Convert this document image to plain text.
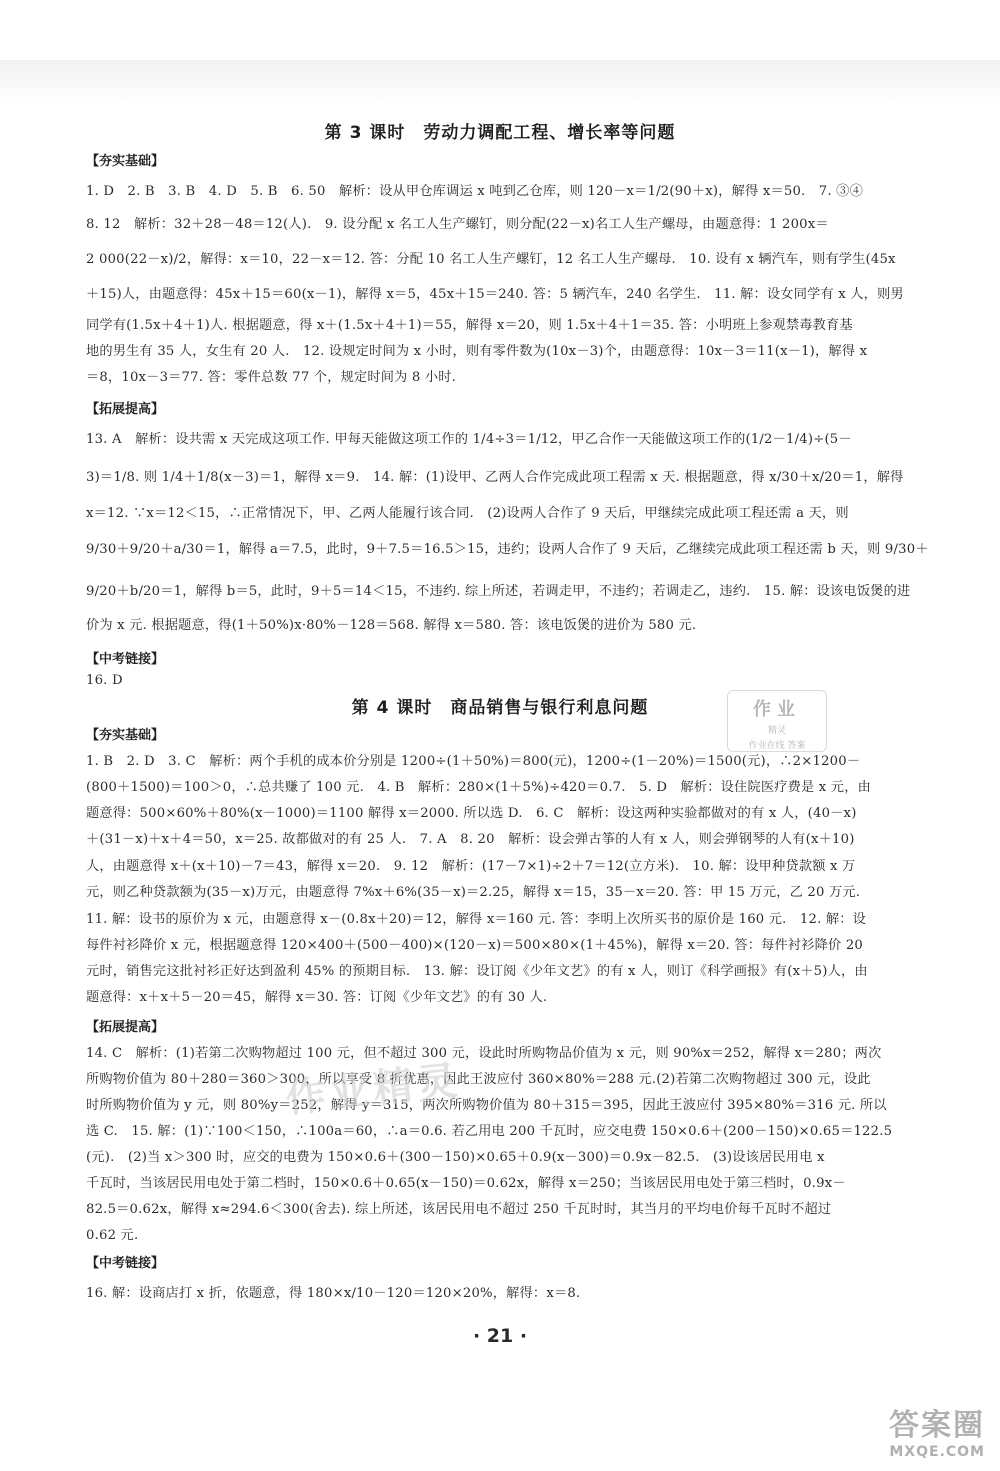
第 3 课时　劳动力调配工程、增长率等问题
【夯实基础】
1. D　2. B　3. B　4. D　5. B　6. 50　解析：设从甲仓库调运 x 吨到乙仓库，则 120－x＝1/2(90＋x)，解得 x＝50.　7. ③④
8. 12　解析：32＋28－48＝12(人).　9. 设分配 x 名工人生产螺钉，则分配(22－x)名工人生产螺母，由题意得：1 200x＝
2 000(22－x)/2，解得：x＝10，22－x＝12. 答：分配 10 名工人生产螺钉，12 名工人生产螺母.　10. 设有 x 辆汽车，则有学生(45x
＋15)人，由题意得：45x＋15＝60(x－1)，解得 x＝5，45x＋15＝240. 答：5 辆汽车，240 名学生.　11. 解：设女同学有 x 人，则男
同学有(1.5x＋4＋1)人. 根据题意，得 x＋(1.5x＋4＋1)＝55，解得 x＝20，则 1.5x＋4＋1＝35. 答：小明班上参观禁毒教育基
地的男生有 35 人，女生有 20 人.　12. 设规定时间为 x 小时，则有零件数为(10x－3)个，由题意得：10x－3＝11(x－1)，解得 x
＝8，10x－3＝77. 答：零件总数 77 个，规定时间为 8 小时.
【拓展提高】
13. A　解析：设共需 x 天完成这项工作. 甲每天能做这项工作的 1/4÷3＝1/12，甲乙合作一天能做这项工作的(1/2－1/4)÷(5－
3)＝1/8. 则 1/4＋1/8(x－3)＝1，解得 x＝9.　14. 解：(1)设甲、乙两人合作完成此项工程需 x 天. 根据题意，得 x/30＋x/20＝1，解得
x＝12. ∵x＝12＜15，∴正常情况下，甲、乙两人能履行该合同.　(2)设两人合作了 9 天后，甲继续完成此项工程还需 a 天，则
9/30＋9/20＋a/30＝1，解得 a＝7.5，此时，9＋7.5＝16.5＞15，违约；设两人合作了 9 天后，乙继续完成此项工程还需 b 天，则 9/30＋
9/20＋b/20＝1，解得 b＝5，此时，9＋5＝14＜15，不违约. 综上所述，若调走甲，不违约；若调走乙，违约.　15. 解：设该电饭煲的进
价为 x 元. 根据题意，得(1＋50%)x·80%－128＝568. 解得 x＝580. 答：该电饭煲的进价为 580 元.
【中考链接】
16. D
第 4 课时　商品销售与银行利息问题
【夯实基础】
1. B　2. D　3. C　解析：两个手机的成本价分别是 1200÷(1＋50%)＝800(元)，1200÷(1－20%)＝1500(元)，∴2×1200－
(800＋1500)＝100＞0，∴总共赚了 100 元.　4. B　解析：280×(1＋5%)÷420＝0.7.　5. D　解析：设住院医疗费是 x 元，由
题意得：500×60%＋80%(x－1000)＝1100 解得 x＝2000. 所以选 D.　6. C　解析：设这两种实验都做对的有 x 人，(40－x)
＋(31－x)＋x＋4＝50，x＝25. 故都做对的有 25 人.　7. A　8. 20　解析：设会弹古筝的人有 x 人，则会弹钢琴的人有(x＋10)
人，由题意得 x＋(x＋10)－7＝43，解得 x＝20.　9. 12　解析：(17－7×1)÷2＋7＝12(立方米).　10. 解：设甲种贷款额 x 万
元，则乙种贷款额为(35－x)万元，由题意得 7%x＋6%(35－x)＝2.25，解得 x＝15，35－x＝20. 答：甲 15 万元，乙 20 万元.
11. 解：设书的原价为 x 元，由题意得 x－(0.8x＋20)＝12，解得 x＝160 元. 答：李明上次所买书的原价是 160 元.　12. 解：设
每件衬衫降价 x 元，根据题意得 120×400＋(500－400)×(120－x)＝500×80×(1＋45%)，解得 x＝20. 答：每件衬衫降价 20
元时，销售完这批衬衫正好达到盈利 45% 的预期目标.　13. 解：设订阅《少年文艺》的有 x 人，则订《科学画报》有(x＋5)人，由
题意得：x＋x＋5－20＝45，解得 x＝30. 答：订阅《少年文艺》的有 30 人.
【拓展提高】
14. C　解析：(1)若第二次购物超过 100 元，但不超过 300 元，设此时所购物品价值为 x 元，则 90%x＝252，解得 x＝280；两次
所购物价值为 80＋280＝360＞300，所以享受 8 折优惠，因此王波应付 360×80%＝288 元.(2)若第二次购物超过 300 元，设此
时所购物价值为 y 元，则 80%y＝252，解得 y＝315，两次所购物价值为 80＋315＝395，因此王波应付 395×80%＝316 元. 所以
选 C.　15. 解：(1)∵100＜150，∴100a＝60，∴a＝0.6. 若乙用电 200 千瓦时，应交电费 150×0.6＋(200－150)×0.65＝122.5
(元).　(2)当 x＞300 时，应交的电费为 150×0.6＋(300－150)×0.65＋0.9(x－300)＝0.9x－82.5.　(3)设该居民用电 x
千瓦时，当该居民用电处于第二档时，150×0.6＋0.65(x－150)＝0.62x，解得 x＝250；当该居民用电处于第三档时，0.9x－
82.5＝0.62x，解得 x≈294.6＜300(舍去). 综上所述，该居民用电不超过 250 千瓦时时，其当月的平均电价每千瓦时不超过
0.62 元.
【中考链接】
16. 解：设商店打 x 折，依题意，得 180×x/10－120＝120×20%，解得：x＝8.
· 21 ·
作业
精灵
作业在线 答案
作业精灵
答案圈
MXQE.COM
